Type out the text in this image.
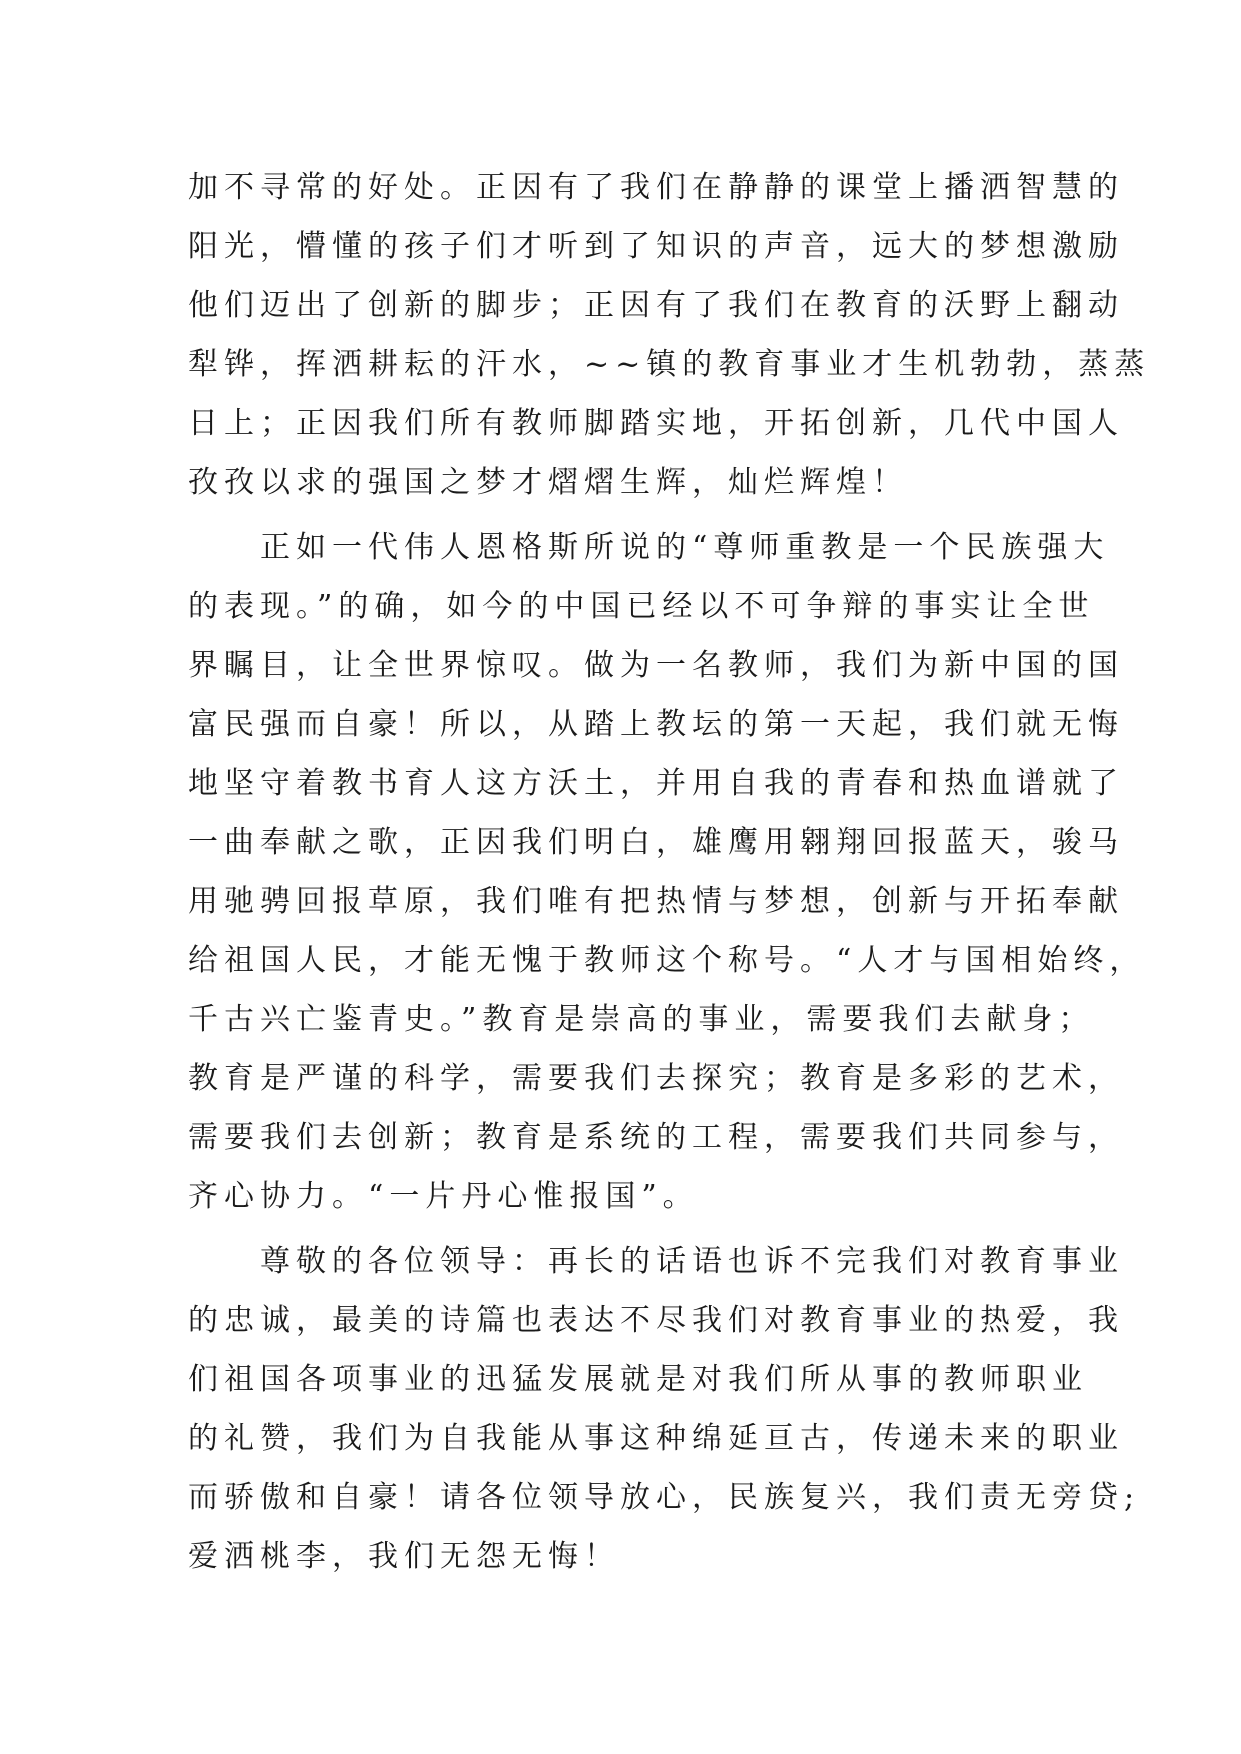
加不寻常的好处。正因有了我们在静静的课堂上播洒智慧的
阳光，懵懂的孩子们才听到了知识的声音，远大的梦想激励
他们迈出了创新的脚步；正因有了我们在教育的沃野上翻动
犁铧，挥洒耕耘的汗水，~~镇的教育事业才生机勃勃，蒸蒸
日上；正因我们所有教师脚踏实地，开拓创新，几代中国人
孜孜以求的强国之梦才熠熠生辉，灿烂辉煌！
　　正如一代伟人恩格斯所说的“尊师重教是一个民族强大
的表现。”的确，如今的中国已经以不可争辩的事实让全世
界瞩目，让全世界惊叹。做为一名教师，我们为新中国的国
富民强而自豪！所以，从踏上教坛的第一天起，我们就无悔
地坚守着教书育人这方沃土，并用自我的青春和热血谱就了
一曲奉献之歌，正因我们明白，雄鹰用翱翔回报蓝天，骏马
用驰骋回报草原，我们唯有把热情与梦想，创新与开拓奉献
给祖国人民，才能无愧于教师这个称号。“人才与国相始终，
千古兴亡鉴青史。”教育是崇高的事业，需要我们去献身；
教育是严谨的科学，需要我们去探究；教育是多彩的艺术，
需要我们去创新；教育是系统的工程，需要我们共同参与，
齐心协力。“一片丹心惟报国”。
　　尊敬的各位领导：再长的话语也诉不完我们对教育事业
的忠诚，最美的诗篇也表达不尽我们对教育事业的热爱，我
们祖国各项事业的迅猛发展就是对我们所从事的教师职业
的礼赞，我们为自我能从事这种绵延亘古，传递未来的职业
而骄傲和自豪！请各位领导放心，民族复兴，我们责无旁贷;
爱洒桃李，我们无怨无悔！
